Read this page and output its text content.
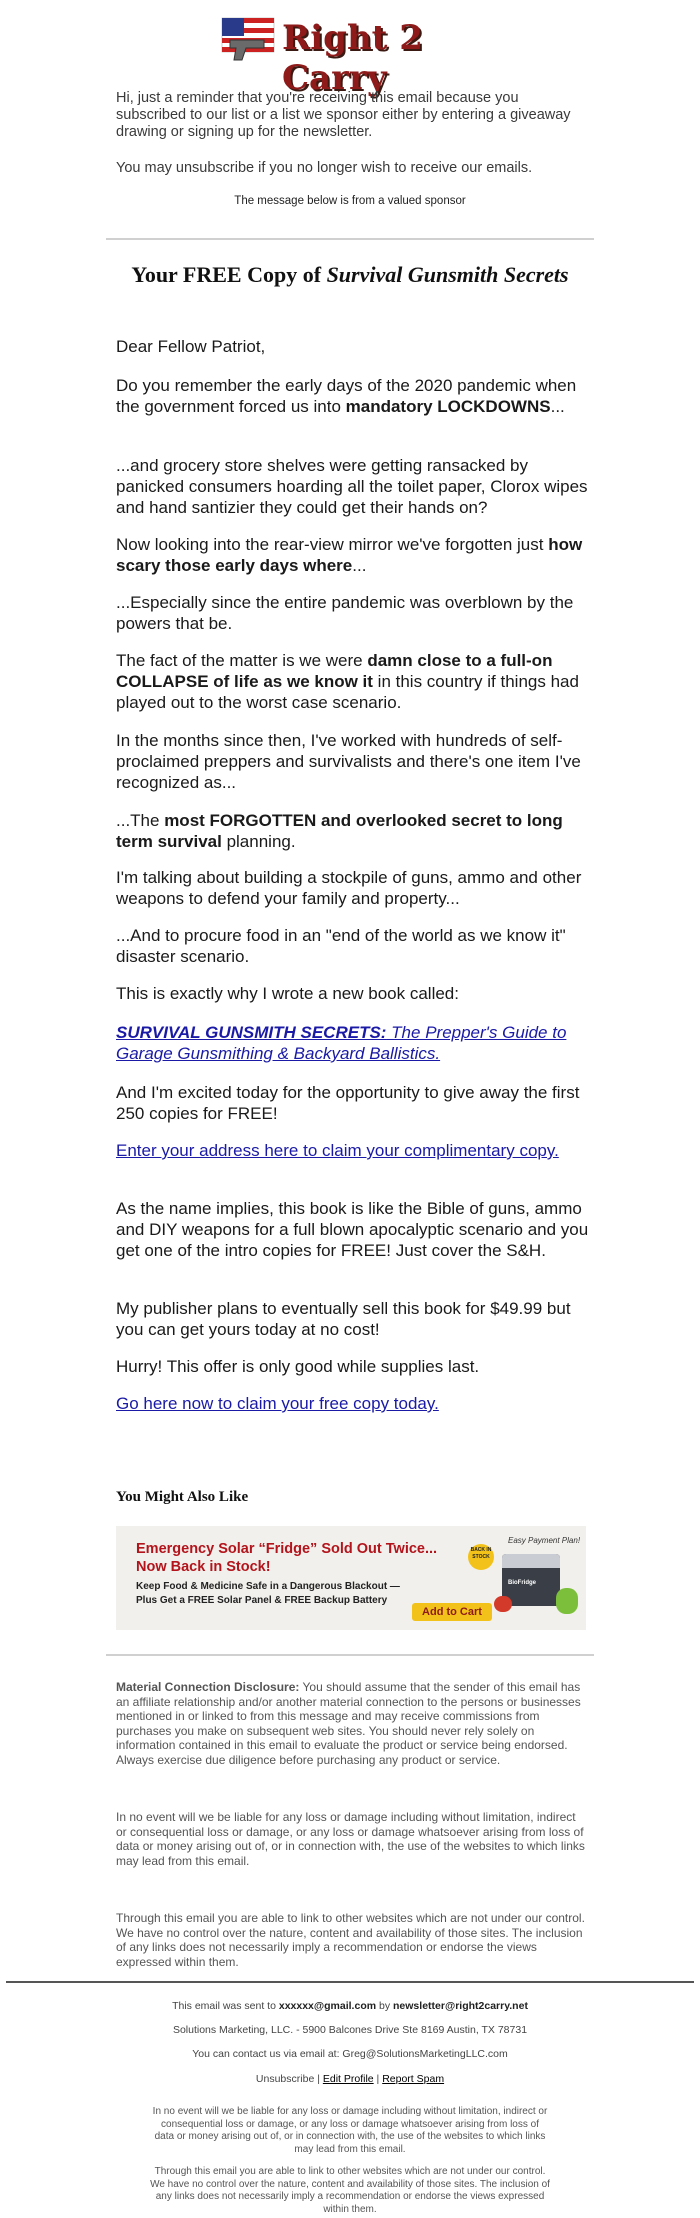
Right 2 Carry
Hi, just a reminder that you're receiving this email because you subscribed to our list or a list we sponsor either by entering a giveaway drawing or signing up for the newsletter.
You may unsubscribe if you no longer wish to receive our emails.
The message below is from a valued sponsor
Your FREE Copy of Survival Gunsmith Secrets
Dear Fellow Patriot,
Do you remember the early days of the 2020 pandemic when the government forced us into mandatory LOCKDOWNS...
...and grocery store shelves were getting ransacked by panicked consumers hoarding all the toilet paper, Clorox wipes and hand santizier they could get their hands on?
Now looking into the rear-view mirror we've forgotten just how scary those early days where...
...Especially since the entire pandemic was overblown by the powers that be.
The fact of the matter is we were damn close to a full-on COLLAPSE of life as we know it in this country if things had played out to the worst case scenario.
In the months since then, I've worked with hundreds of self-proclaimed preppers and survivalists and there's one item I've recognized as...
...The most FORGOTTEN and overlooked secret to long term survival planning.
I'm talking about building a stockpile of guns, ammo and other weapons to defend your family and property...
...And to procure food in an "end of the world as we know it" disaster scenario.
This is exactly why I wrote a new book called:
SURVIVAL GUNSMITH SECRETS: The Prepper's Guide to Garage Gunsmithing & Backyard Ballistics.
And I'm excited today for the opportunity to give away the first 250 copies for FREE!
Enter your address here to claim your complimentary copy.
As the name implies, this book is like the Bible of guns, ammo and DIY weapons for a full blown apocalyptic scenario and you get one of the intro copies for FREE! Just cover the S&H.
My publisher plans to eventually sell this book for $49.99 but you can get yours today at no cost!
Hurry! This offer is only good while supplies last.
Go here now to claim your free copy today.
You Might Also Like
Emergency Solar “Fridge” Sold Out Twice...
Now Back in Stock!
Keep Food & Medicine Safe in a Dangerous Blackout —
Plus Get a FREE Solar Panel & FREE Backup Battery
BACK IN STOCK
Easy Payment Plan!
BioFridge
Add to Cart
Material Connection Disclosure: You should assume that the sender of this email has an affiliate relationship and/or another material connection to the persons or businesses mentioned in or linked to from this message and may receive commissions from purchases you make on subsequent web sites. You should never rely solely on information contained in this email to evaluate the product or service being endorsed. Always exercise due diligence before purchasing any product or service.
In no event will we be liable for any loss or damage including without limitation, indirect or consequential loss or damage, or any loss or damage whatsoever arising from loss of data or money arising out of, or in connection with, the use of the websites to which links may lead from this email.
Through this email you are able to link to other websites which are not under our control. We have no control over the nature, content and availability of those sites. The inclusion of any links does not necessarily imply a recommendation or endorse the views expressed within them.
This email was sent to xxxxxx@gmail.com by newsletter@right2carry.net
Solutions Marketing, LLC. - 5900 Balcones Drive Ste 8169 Austin, TX 78731
You can contact us via email at: Greg@SolutionsMarketingLLC.com
Unsubscribe | Edit Profile | Report Spam
In no event will we be liable for any loss or damage including without limitation, indirect or consequential loss or damage, or any loss or damage whatsoever arising from loss of data or money arising out of, or in connection with, the use of the websites to which links may lead from this email.
Through this email you are able to link to other websites which are not under our control. We have no control over the nature, content and availability of those sites. The inclusion of any links does not necessarily imply a recommendation or endorse the views expressed within them.
